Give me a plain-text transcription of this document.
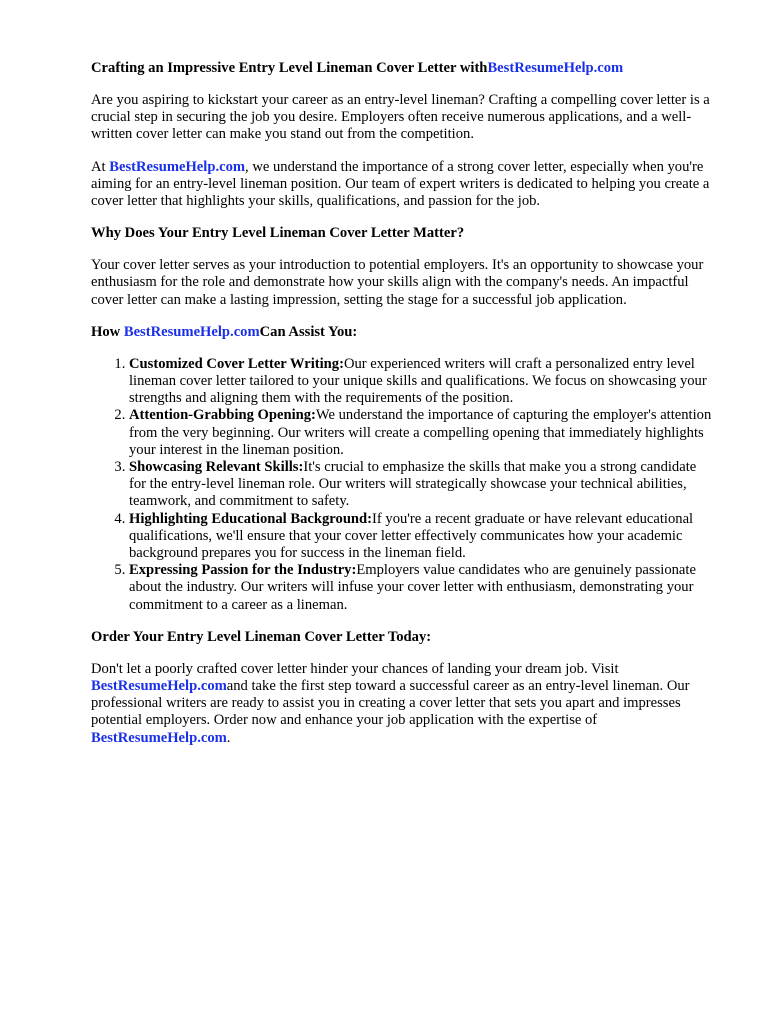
Crafting an Impressive Entry Level Lineman Cover Letter withBestResumeHelp.com

Are you aspiring to kickstart your career as an entry-level lineman? Crafting a compelling cover letter is a crucial step in securing the job you desire. Employers often receive numerous applications, and a well-written cover letter can make you stand out from the competition.

At BestResumeHelp.com, we understand the importance of a strong cover letter, especially when you're aiming for an entry-level lineman position. Our team of expert writers is dedicated to helping you create a cover letter that highlights your skills, qualifications, and passion for the job.

Why Does Your Entry Level Lineman Cover Letter Matter?

Your cover letter serves as your introduction to potential employers. It's an opportunity to showcase your enthusiasm for the role and demonstrate how your skills align with the company's needs. An impactful cover letter can make a lasting impression, setting the stage for a successful job application.

How BestResumeHelp.comCan Assist You:
1. Customized Cover Letter Writing:Our experienced writers will craft a personalized entry level lineman cover letter tailored to your unique skills and qualifications. We focus on showcasing your strengths and aligning them with the requirements of the position.
2. Attention-Grabbing Opening:We understand the importance of capturing the employer's attention from the very beginning. Our writers will create a compelling opening that immediately highlights your interest in the lineman position.
3. Showcasing Relevant Skills:It's crucial to emphasize the skills that make you a strong candidate for the entry-level lineman role. Our writers will strategically showcase your technical abilities, teamwork, and commitment to safety.
4. Highlighting Educational Background:If you're a recent graduate or have relevant educational qualifications, we'll ensure that your cover letter effectively communicates how your academic background prepares you for success in the lineman field.
5. Expressing Passion for the Industry:Employers value candidates who are genuinely passionate about the industry. Our writers will infuse your cover letter with enthusiasm, demonstrating your commitment to a career as a lineman.
Order Your Entry Level Lineman Cover Letter Today:

Don't let a poorly crafted cover letter hinder your chances of landing your dream job. Visit
BestResumeHelp.comand take the first step toward a successful career as an entry-level lineman. Our professional writers are ready to assist you in creating a cover letter that sets you apart and impresses potential employers. Order now and enhance your job application with the expertise of
BestResumeHelp.com.
